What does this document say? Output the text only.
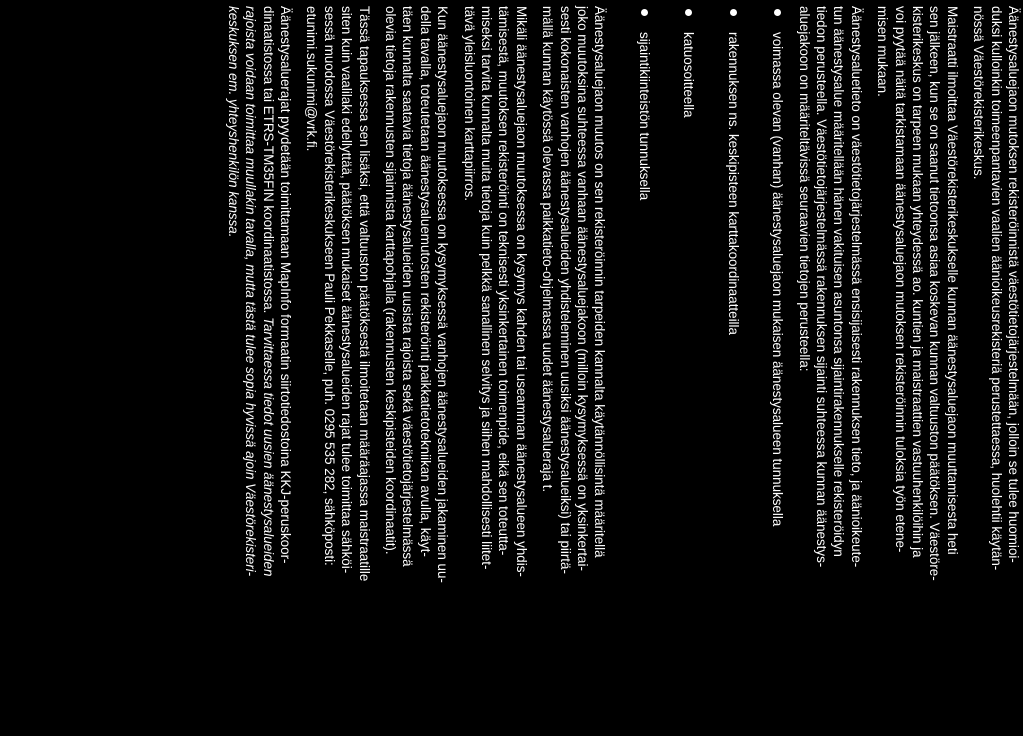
Äänestysaluejaon mutoksen rekisteröinnistä väestötietojärjestelmään, jolloin se tulee huomioi-
duksi kulloinkin toimeenpantavien vaalien äänioikeusrekisteriä perustettaessa, huolehtii käytän-
nössä Väestörekisterikeskus.

Maistraatti ilmoittaa Väestörekisterikeskukselle kunnan äänestysaluejaon muuttamisesta heti
sen jälkeen, kun se on saanut tietoonsa asiaa koskevan kunnan valtuuston päätöksen. Väestöre-
kisterikeskus on tarpeen mukaan yhteydessä ao. kuntien ja maistraattien vastuuhenkilöihin ja
voi pyytää näitä tarkistamaan äänestysaluejaon mutoksen rekisteröinnin tuloksia työn etene-
misen mukaan.

Äänestysaluetieto on väestötietojärjestelmässä ensisijaisesti rakennuksen tieto, ja äänioikeute-
tun äänestysalue määritellään hänen vakituisen asuntonsa sijaintirakennukselle rekisteröidyn
tiedon perusteella. Väestötietojärjestelmässä rakennuksen sijainti suhteessa kunnan äänestys-
aluejakoon on määriteltävissä seuraavien tietojen perusteella:

voimassa olevan (vanhan) äänestysaluejaon mukaisen äänestysalueen tunnuksella
rakennuksen ns. keskipisteen karttakoordinaatteilla
katuosoitteella
sijaintikiinteistön tunnuksella

Äänestysaluejaon muutos on sen rekisteröinnin tarpeiden kannalta käytännöllisintä määritellä
joko muutoksina suhteessa vanhaan äänestysaluejakoon (milloin kysymyksessä on yksinkertai-
sesti kokonaisten vanhojen äänestysalueiden yhdisteleminen uusiksi äänestysalueiksi) tai piirtä-
mällä kunnan käytössä olevassa paikkatieto-ohjelmassa uudet äänestysalueraja t.

Mikäli äänestysaluejaon muutoksessa on kysymys kahden tai useamman äänestysalueen yhdis-
tämisestä, muutoksen rekisteröinti on teknisesti yksinkertainen toimenpide, eikä sen toteutta-
miseksi tarvita kunnalta muita tietoja kuin pelkkä sanallinen selvitys ja siihen mahdollisesti liitet-
tävä yleisluontoinen karttapiirros.

Kun äänestysaluejaon muutoksessa on kysymyksessä vanhojen äänestysalueiden jakaminen uu-
della tavalla, toteutetaan äänestysaluemutosten rekisteröinti paikkatietotekniikan avulla, käyt-
täen kunnalta saatavia tietoja äänestysalueiden uusista rajoista sekä väestötietojärjestelmässä
olevia tietoja rakennusten sijainnista karttapohjalla (rakennusten keskipisteiden koordinaatit).

Tässä tapauksessa sen lisäksi, että valtuuston päätöksestä ilmoitetaan määräajassa maistraatille
siten kuin vaalilaki edellyttää, päätöksen mukaiset äänestysalueiden rajat tulee toimittaa sähköi-
sessä muodossa Väestörekisterikeskukseen Pauli Pekkaselle, puh. 0295 535 282, sähköposti:
etunimi.sukunimi@vrk.fi.

Äänestysaluerajat pyydetään toimittamaan MapInfo formaatin siirtotiedostoina KKJ-peruskoor-
dinaatistossa tai ETRS-TM35FIN koordinaatistossa. Tarvittaessa tiedot uusien äänestysalueiden
rajoista voidaan toimittaa muullakin tavalla, mutta tästä tulee sopia hyvissä ajoin Väestörekisteri-
keskuksen em. yhteyshenkilön kanssa.
